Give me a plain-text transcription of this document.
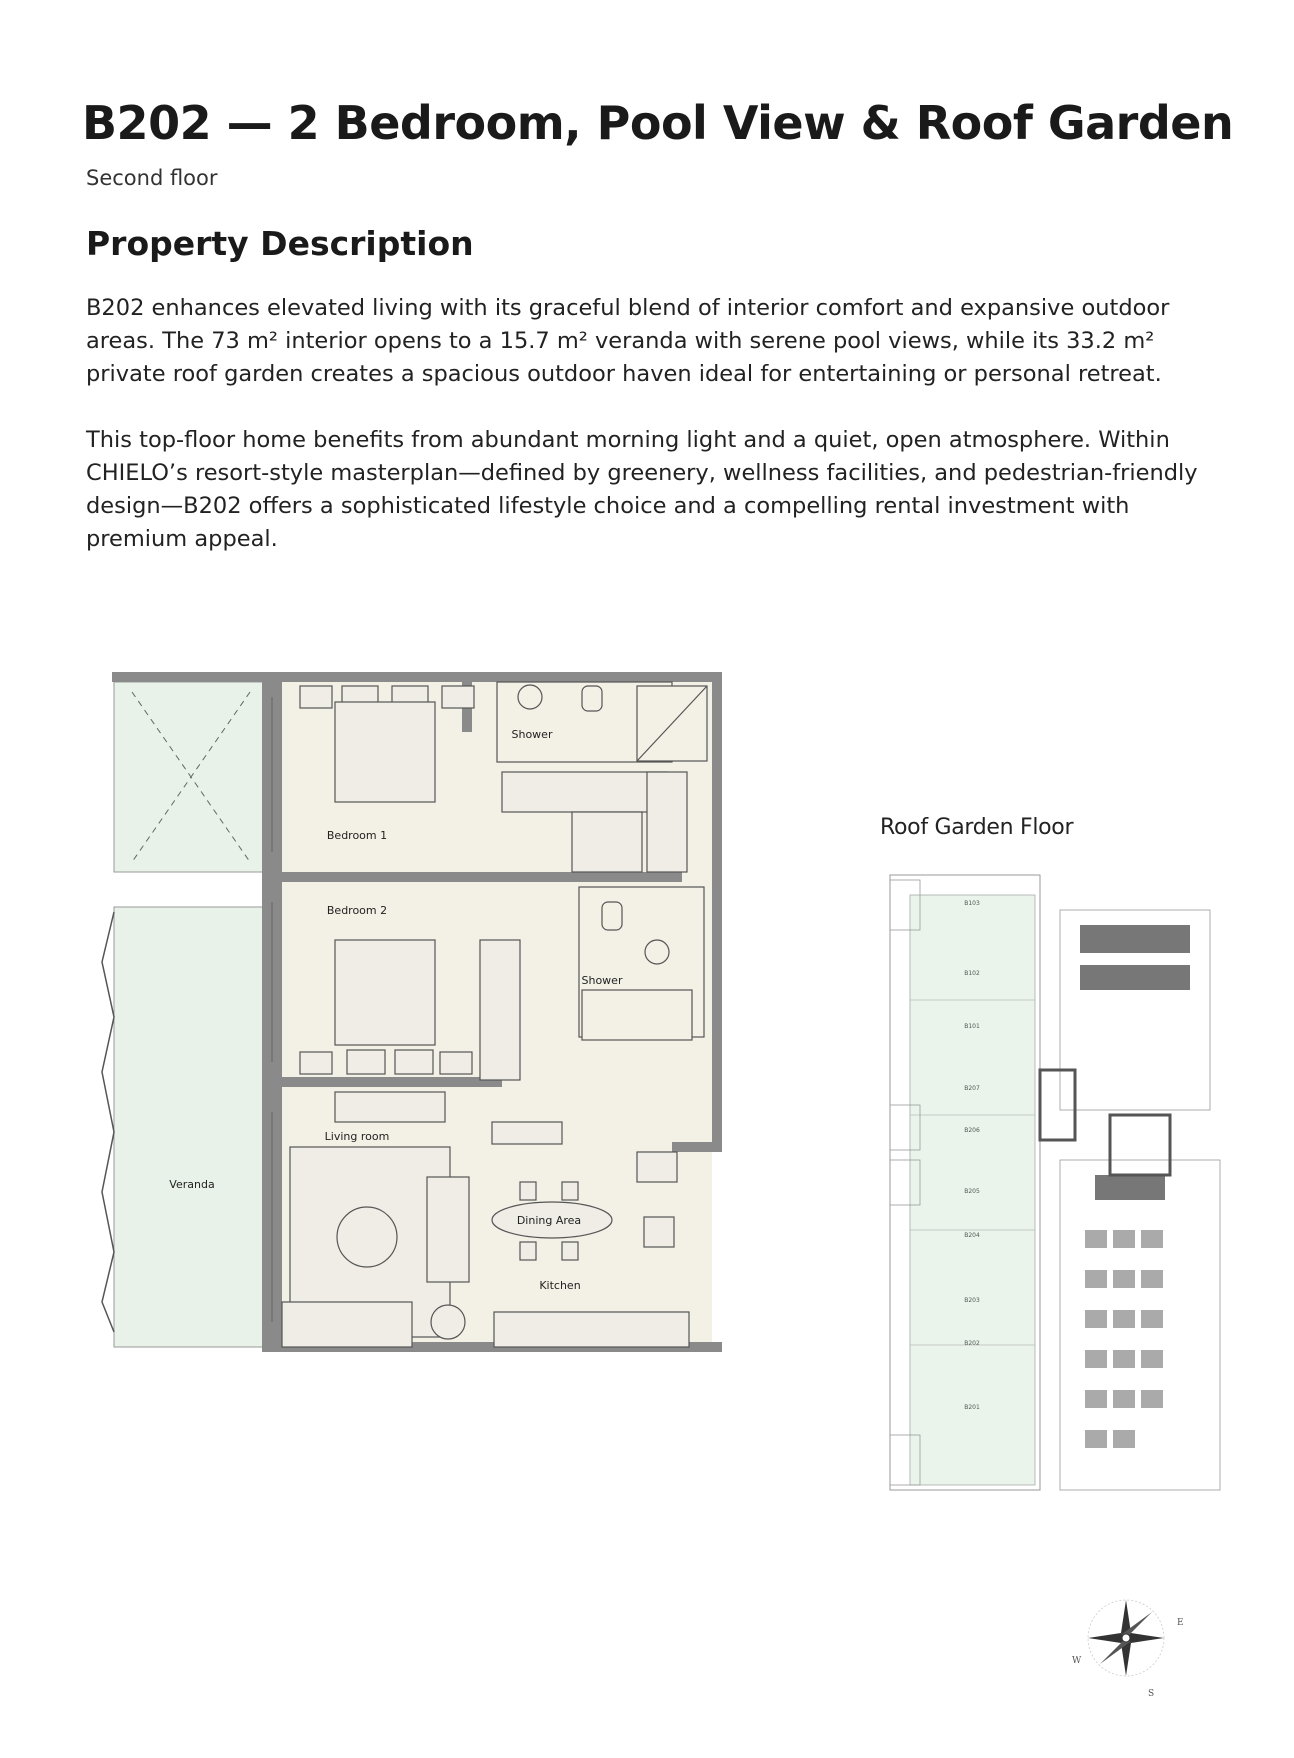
B202 — 2 Bedroom, Pool View & Roof Garden

Second floor

Property Description

B202 enhances elevated living with its graceful blend of interior comfort and expansive outdoor areas. The 73 m² interior opens to a 15.7 m² veranda with serene pool views, while its 33.2 m² private roof garden creates a spacious outdoor haven ideal for entertaining or personal retreat.

This top-floor home benefits from abundant morning light and a quiet, open atmosphere. Within CHIELO’s resort-style masterplan—defined by greenery, wellness facilities, and pedestrian-friendly design—B202 offers a sophisticated lifestyle choice and a compelling rental investment with premium appeal.

Shower
Bedroom 1
Bedroom 2
Shower
Living room
Dining Area
Kitchen
Veranda

Roof Garden Floor

B103
B102
B101
B207
B206
B205
B204
B203
B202
B201
E
W
S
